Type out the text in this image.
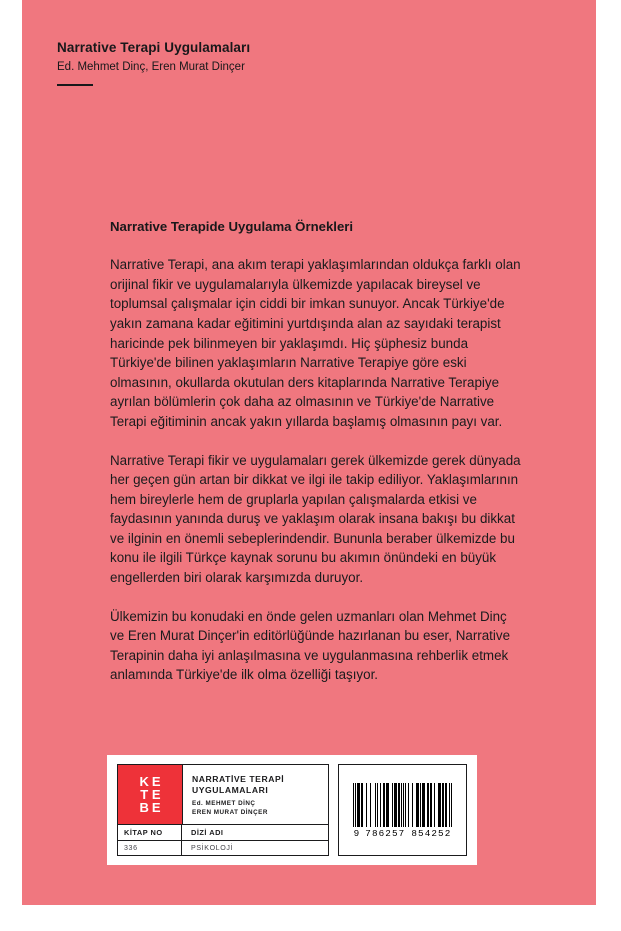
Narrative Terapi Uygulamaları
Ed. Mehmet Dinç, Eren Murat Dinçer
Narrative Terapide Uygulama Örnekleri

Narrative Terapi, ana akım terapi yaklaşımlarından oldukça farklı olan orijinal fikir ve uygulamalarıyla ülkemizde yapılacak bireysel ve toplumsal çalışmalar için ciddi bir imkan sunuyor. Ancak Türkiye'de yakın zamana kadar eğitimini yurtdışında alan az sayıdaki terapist haricinde pek bilinmeyen bir yaklaşımdı. Hiç şüphesiz bunda Türkiye'de bilinen yaklaşımların Narrative Terapiye göre eski olmasının, okullarda okutulan ders kitaplarında Narrative Terapiye ayrılan bölümlerin çok daha az olmasının ve Türkiye'de Narrative Terapi eğitiminin ancak yakın yıllarda başlamış olmasının payı var.

Narrative Terapi fikir ve uygulamaları gerek ülkemizde gerek dünyada her geçen gün artan bir dikkat ve ilgi ile takip ediliyor. Yaklaşımlarının hem bireylerle hem de gruplarla yapılan çalışmalarda etkisi ve faydasının yanında duruş ve yaklaşım olarak insana bakışı bu dikkat ve ilginin en önemli sebeplerindendir. Bununla beraber ülkemizde bu konu ile ilgili Türkçe kaynak sorunu bu akımın önündeki en büyük engellerden biri olarak karşımızda duruyor.

Ülkemizin bu konudaki en önde gelen uzmanları olan Mehmet Dinç ve Eren Murat Dinçer'in editörlüğünde hazırlanan bu eser, Narrative Terapinin daha iyi anlaşılmasına ve uygulanmasına rehberlik etmek anlamında Türkiye'de ilk olma özelliği taşıyor.

K E
T E
B E
NARRATİVE TERAPİ
UYGULAMALARI
Ed. MEHMET DİNÇ
EREN MURAT DİNÇER
KİTAP NO	DİZİ ADI
336	PSİKOLOJİ
9 786257 854252
